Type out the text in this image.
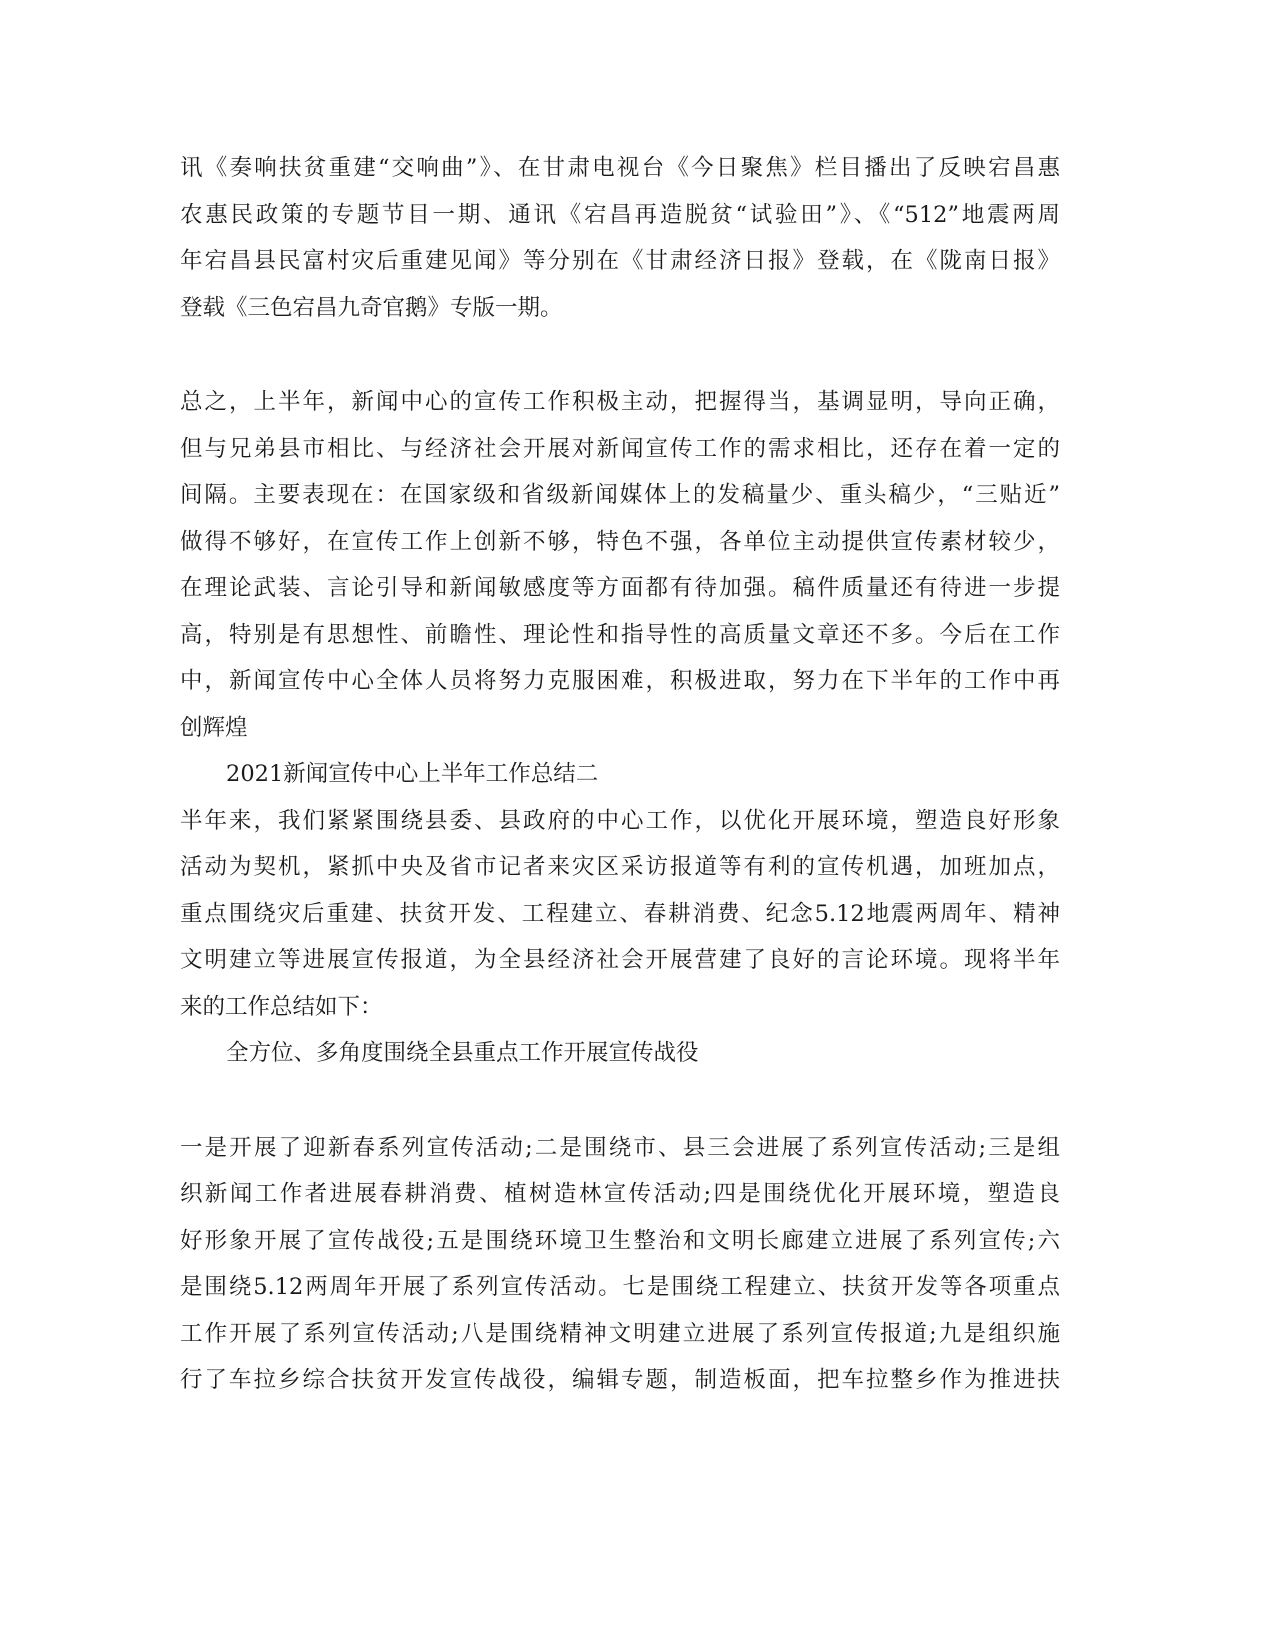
讯《奏响扶贫重建“交响曲”》、在甘肃电视台《今日聚焦》栏目播出了反映宕昌惠
农惠民政策的专题节目一期、通讯《宕昌再造脱贫“试验田”》、《“512”地震两周
年宕昌县民富村灾后重建见闻》等分别在《甘肃经济日报》登载，在《陇南日报》
登载《三色宕昌九奇官鹅》专版一期。
总之，上半年，新闻中心的宣传工作积极主动，把握得当，基调显明，导向正确，
但与兄弟县市相比、与经济社会开展对新闻宣传工作的需求相比，还存在着一定的
间隔。主要表现在：在国家级和省级新闻媒体上的发稿量少、重头稿少，“三贴近”
做得不够好，在宣传工作上创新不够，特色不强，各单位主动提供宣传素材较少，
在理论武装、言论引导和新闻敏感度等方面都有待加强。稿件质量还有待进一步提
高，特别是有思想性、前瞻性、理论性和指导性的高质量文章还不多。今后在工作
中，新闻宣传中心全体人员将努力克服困难，积极进取，努力在下半年的工作中再
创辉煌
2021新闻宣传中心上半年工作总结二
半年来，我们紧紧围绕县委、县政府的中心工作，以优化开展环境，塑造良好形象
活动为契机，紧抓中央及省市记者来灾区采访报道等有利的宣传机遇，加班加点，
重点围绕灾后重建、扶贫开发、工程建立、春耕消费、纪念5.12地震两周年、精神
文明建立等进展宣传报道，为全县经济社会开展营建了良好的言论环境。现将半年
来的工作总结如下：
全方位、多角度围绕全县重点工作开展宣传战役
一是开展了迎新春系列宣传活动;二是围绕市、县三会进展了系列宣传活动;三是组
织新闻工作者进展春耕消费、植树造林宣传活动;四是围绕优化开展环境，塑造良
好形象开展了宣传战役;五是围绕环境卫生整治和文明长廊建立进展了系列宣传;六
是围绕5.12两周年开展了系列宣传活动。七是围绕工程建立、扶贫开发等各项重点
工作开展了系列宣传活动;八是围绕精神文明建立进展了系列宣传报道;九是组织施
行了车拉乡综合扶贫开发宣传战役，编辑专题，制造板面，把车拉整乡作为推进扶
